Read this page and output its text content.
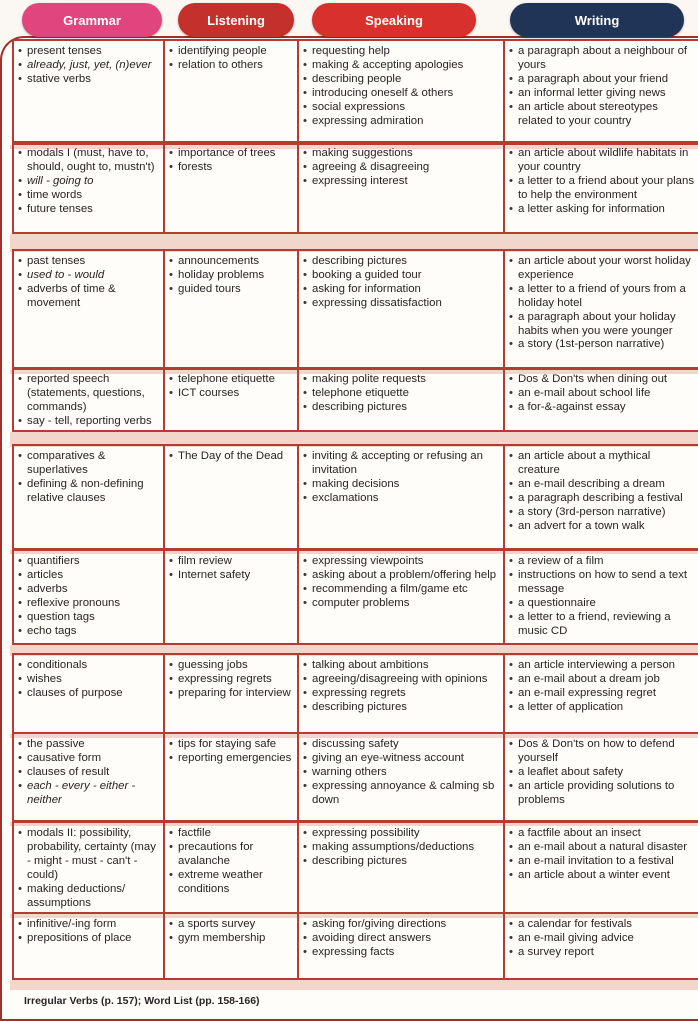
Grammar	Listening	Speaking	Writing
• present tenses
• already, just, yet, (n)ever
• stative verbs
• identifying people
• relation to others
• requesting help
• making & accepting apologies
• describing people
• introducing oneself & others
• social expressions
• expressing admiration
• a paragraph about a neighbour of yours
• a paragraph about your friend
• an informal letter giving news
• an article about stereotypes related to your country
• modals I (must, have to, should, ought to, mustn't)
• will - going to
• time words
• future tenses
• importance of trees
• forests
• making suggestions
• agreeing & disagreeing
• expressing interest
• an article about wildlife habitats in your country
• a letter to a friend about your plans to help the environment
• a letter asking for information
• past tenses
• used to - would
• adverbs of time & movement
• announcements
• holiday problems
• guided tours
• describing pictures
• booking a guided tour
• asking for information
• expressing dissatisfaction
• an article about your worst holiday experience
• a letter to a friend of yours from a holiday hotel
• a paragraph about your holiday habits when you were younger
• a story (1st-person narrative)
• reported speech (statements, questions, commands)
• say - tell, reporting verbs
• telephone etiquette
• ICT courses
• making polite requests
• telephone etiquette
• describing pictures
• Dos & Don'ts when dining out
• an e-mail about school life
• a for-&-against essay
• comparatives & superlatives
• defining & non-defining relative clauses
• The Day of the Dead
•	inviting & accepting or refusing an invitation
• making decisions
• exclamations
• an article about a mythical creature
• an e-mail describing a dream
• a paragraph describing a festival
• a story (3rd-person narrative)
• an advert for a town walk
• quantifiers
• articles
• adverbs
• reflexive pronouns
• question tags
• echo tags
• film review
• Internet safety
• expressing viewpoints
• asking about a problem/offering help
• recommending a film/game etc
• computer problems
• a review of a film
• instructions on how to send a text message
• a questionnaire
• a letter to a friend, reviewing a music CD
• conditionals
• wishes
• clauses of purpose
• guessing jobs
• expressing regrets
• preparing for interview
• talking about ambitions
• agreeing/disagreeing with opinions
• expressing regrets
• describing pictures
• an article interviewing a person
• an e-mail about a dream job
• an e-mail expressing regret
• a letter of application
• the passive
• causative form
• clauses of result
• each - every - either - neither
• tips for staying safe
• reporting emergencies
• discussing safety
• giving an eye-witness account
• warning others
• expressing annoyance & calming sb down
• Dos & Don'ts on how to defend yourself
• a leaflet about safety
• an article providing solutions to problems
• modals II: possibility, probability, certainty (may - might - must - can't - could)
• making deductions/ assumptions
• factfile
• precautions for avalanche
• extreme weather conditions
• expressing possibility
• making assumptions/deductions
• describing pictures
• a factfile about an insect
• an e-mail about a natural disaster
• an e-mail invitation to a festival
• an article about a winter event
• infinitive/-ing form
• prepositions of place
• a sports survey
• gym membership
• asking for/giving directions
• avoiding direct answers
• expressing facts
• a calendar for festivals
• an e-mail giving advice
• a survey report
Irregular Verbs (p. 157); Word List (pp. 158-166)
